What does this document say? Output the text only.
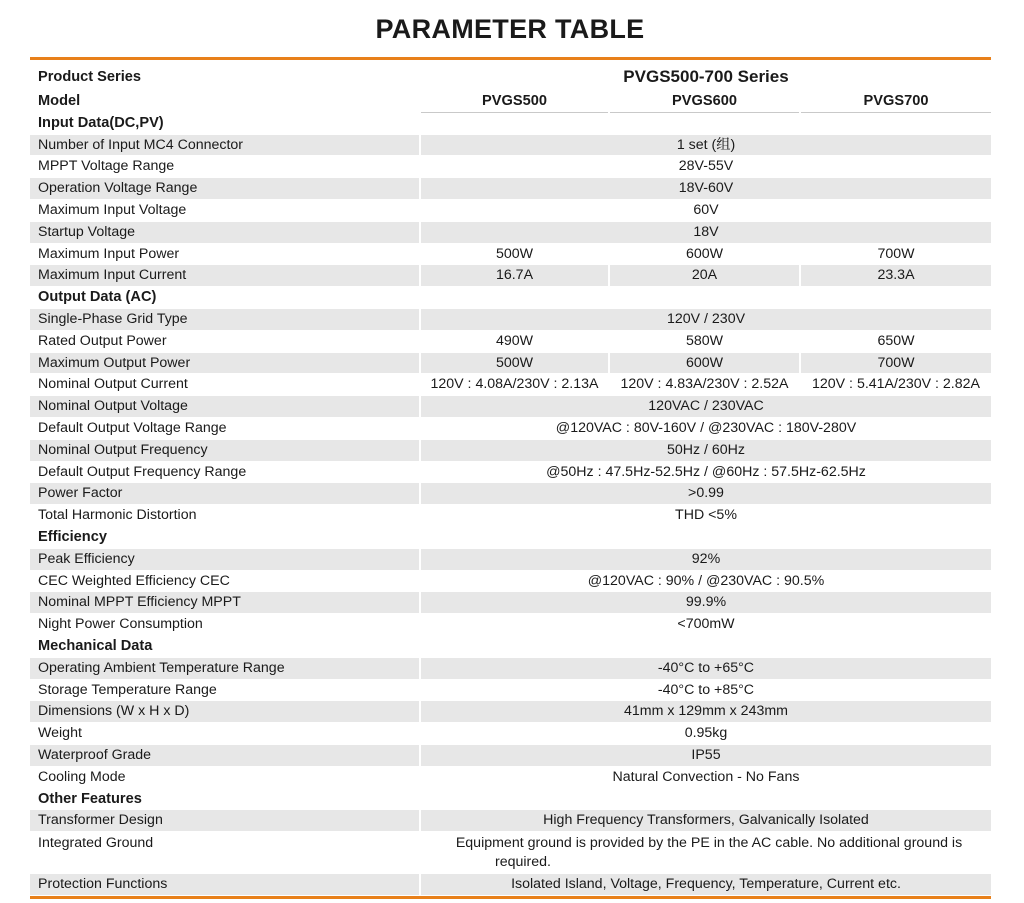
PARAMETER TABLE
Product Series	PVGS500-700 Series		
Model	PVGS500	PVGS600	PVGS700
Input Data(DC,PV)			
Number of Input MC4 Connector	1 set (组)		
MPPT Voltage Range	28V-55V		
Operation Voltage Range	18V-60V		
Maximum Input Voltage	60V		
Startup Voltage	18V		
Maximum Input Power	500W	600W	700W
Maximum Input Current	16.7A	20A	23.3A
Output Data (AC)			
Single-Phase Grid Type	120V / 230V		
Rated Output Power	490W	580W	650W
Maximum Output Power	500W	600W	700W
Nominal Output Current	120V : 4.08A/230V : 2.13A	120V : 4.83A/230V : 2.52A	120V : 5.41A/230V : 2.82A
Nominal Output Voltage	120VAC / 230VAC		
Default Output Voltage Range	@120VAC : 80V-160V / @230VAC : 180V-280V		
Nominal Output Frequency	50Hz / 60Hz		
Default Output Frequency Range	@50Hz : 47.5Hz-52.5Hz / @60Hz : 57.5Hz-62.5Hz		
Power Factor	>0.99		
Total Harmonic Distortion	THD <5%		
Efficiency			
Peak Efficiency	92%		
CEC Weighted Efficiency CEC	@120VAC : 90% / @230VAC : 90.5%		
Nominal MPPT Efficiency MPPT	99.9%		
Night Power Consumption	<700mW		
Mechanical Data			
Operating Ambient Temperature Range	-40°C to +65°C		
Storage Temperature Range	-40°C to +85°C		
Dimensions (W x H x D)	41mm x 129mm x 243mm		
Weight	0.95kg		
Waterproof Grade	IP55		
Cooling Mode	Natural Convection - No Fans		
Other Features			
Transformer Design	High Frequency Transformers, Galvanically Isolated		
Integrated Ground	Equipment ground is provided by the PE in the AC cable. No additional ground is
required.		

Protection Functions	Isolated Island, Voltage, Frequency, Temperature, Current etc.		
